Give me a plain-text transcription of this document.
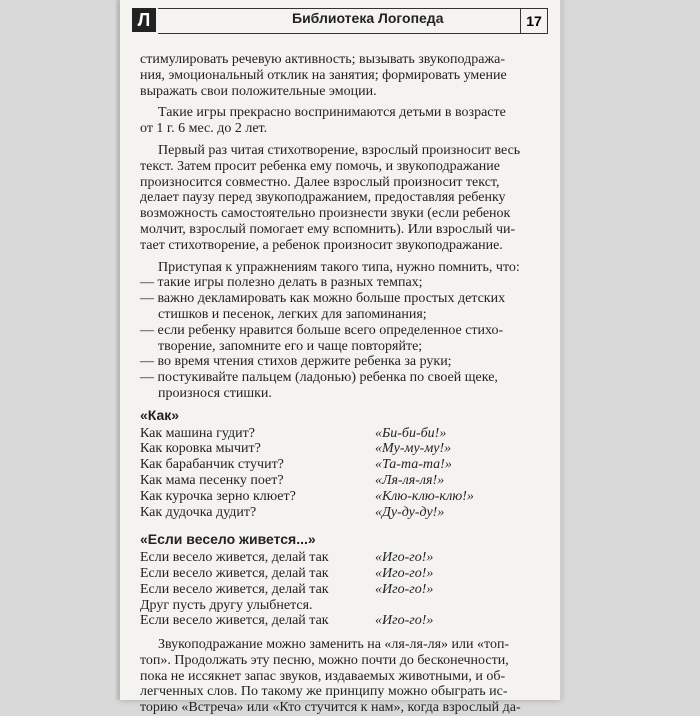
Л	Библиотека Логопеда	17

стимулировать речевую активность; вызывать звукоподража-

ния, эмоциональный отклик на занятия; формировать умение

выражать свои положительные эмоции.

Такие игры прекрасно воспринимаются детьми в возрасте

от 1 г. 6 мес. до 2 лет.

Первый раз читая стихотворение, взрослый произносит весь

текст. Затем просит ребенка ему помочь, и звукоподражание

произносится совместно. Далее взрослый произносит текст,

делает паузу перед звукоподражанием, предоставляя ребенку

возможность самостоятельно произнести звуки (если ребенок

молчит, взрослый помогает ему вспомнить). Или взрослый чи-

тает стихотворение, а ребенок произносит звукоподражание.

Приступая к упражнениям такого типа, нужно помнить, что:

— такие игры полезно делать в разных темпах;

— важно декламировать как можно больше простых детских

стишков и песенок, легких для запоминания;

— если ребенку нравится больше всего определенное стихо-

творение, запомните его и чаще повторяйте;

— во время чтения стихов держите ребенка за руки;

— постукивайте пальцем (ладонью) ребенка по своей щеке,

произнося стишки.

«Как»
Как машина гудит?	«Би-би-би!»
Как коровка мычит?	«Му-му-му!»
Как барабанчик стучит?	«Та-та-та!»
Как мама песенку поет?	«Ля-ля-ля!»
Как курочка зерно клюет?	«Клю-клю-клю!»
Как дудочка дудит?	«Ду-ду-ду!»
«Если весело живется...»
Если весело живется, делай так	«Иго-го!»
Если весело живется, делай так	«Иго-го!»
Если весело живется, делай так	«Иго-го!»
Друг пусть другу улыбнется.
Если весело живется, делай так	«Иго-го!»

Звукоподражание можно заменить на «ля-ля-ля» или «топ-

топ». Продолжать эту песню, можно почти до бесконечности,

пока не иссякнет запас звуков, издаваемых животными, и об-

легченных слов. По такому же принципу можно обыграть ис-

торию «Встреча» или «Кто стучится к нам», когда взрослый да-
